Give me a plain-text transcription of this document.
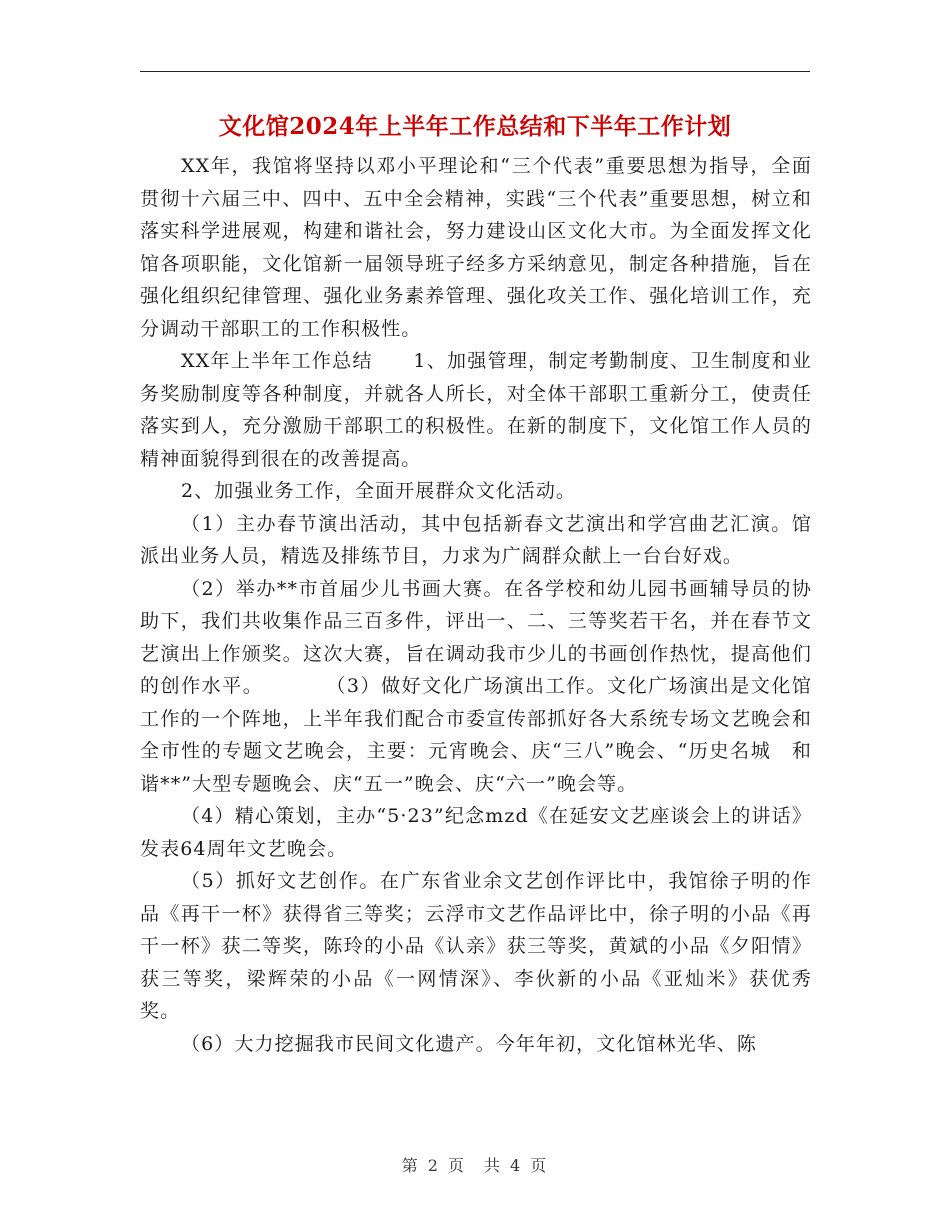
文化馆2024年上半年工作总结和下半年工作计划

XX年，我馆将坚持以邓小平理论和“三个代表”重要思想为指导，全面贯彻十六届三中、四中、五中全会精神，实践“三个代表”重要思想，树立和落实科学进展观，构建和谐社会，努力建设山区文化大市。为全面发挥文化馆各项职能，文化馆新一届领导班子经多方采纳意见，制定各种措施，旨在强化组织纪律管理、强化业务素养管理、强化攻关工作、强化培训工作，充分调动干部职工的工作积极性。

XX年上半年工作总结　　1、加强管理，制定考勤制度、卫生制度和业务奖励制度等各种制度，并就各人所长，对全体干部职工重新分工，使责任落实到人，充分激励干部职工的积极性。在新的制度下，文化馆工作人员的精神面貌得到很在的改善提高。

2、加强业务工作，全面开展群众文化活动。

（1）主办春节演出活动，其中包括新春文艺演出和学宫曲艺汇演。馆派出业务人员，精选及排练节目，力求为广阔群众献上一台台好戏。

（2）举办**市首届少儿书画大赛。在各学校和幼儿园书画辅导员的协助下，我们共收集作品三百多件，评出一、二、三等奖若干名，并在春节文艺演出上作颁奖。这次大赛，旨在调动我市少儿的书画创作热忱，提高他们的创作水平。　　　　（3）做好文化广场演出工作。文化广场演出是文化馆工作的一个阵地，上半年我们配合市委宣传部抓好各大系统专场文艺晚会和全市性的专题文艺晚会，主要：元宵晚会、庆“三八”晚会、“历史名城　和谐**”大型专题晚会、庆“五一”晚会、庆“六一”晚会等。

（4）精心策划，主办“5·23”纪念mzd《在延安文艺座谈会上的讲话》发表64周年文艺晚会。

（5）抓好文艺创作。在广东省业余文艺创作评比中，我馆徐子明的作品《再干一杯》获得省三等奖；云浮市文艺作品评比中，徐子明的小品《再干一杯》获二等奖，陈玲的小品《认亲》获三等奖，黄斌的小品《夕阳情》获三等奖，梁辉荣的小品《一网情深》、李伙新的小品《亚灿米》获优秀奖。

（6）大力挖掘我市民间文化遗产。今年年初，文化馆林光华、陈

第 2 页　共 4 页
